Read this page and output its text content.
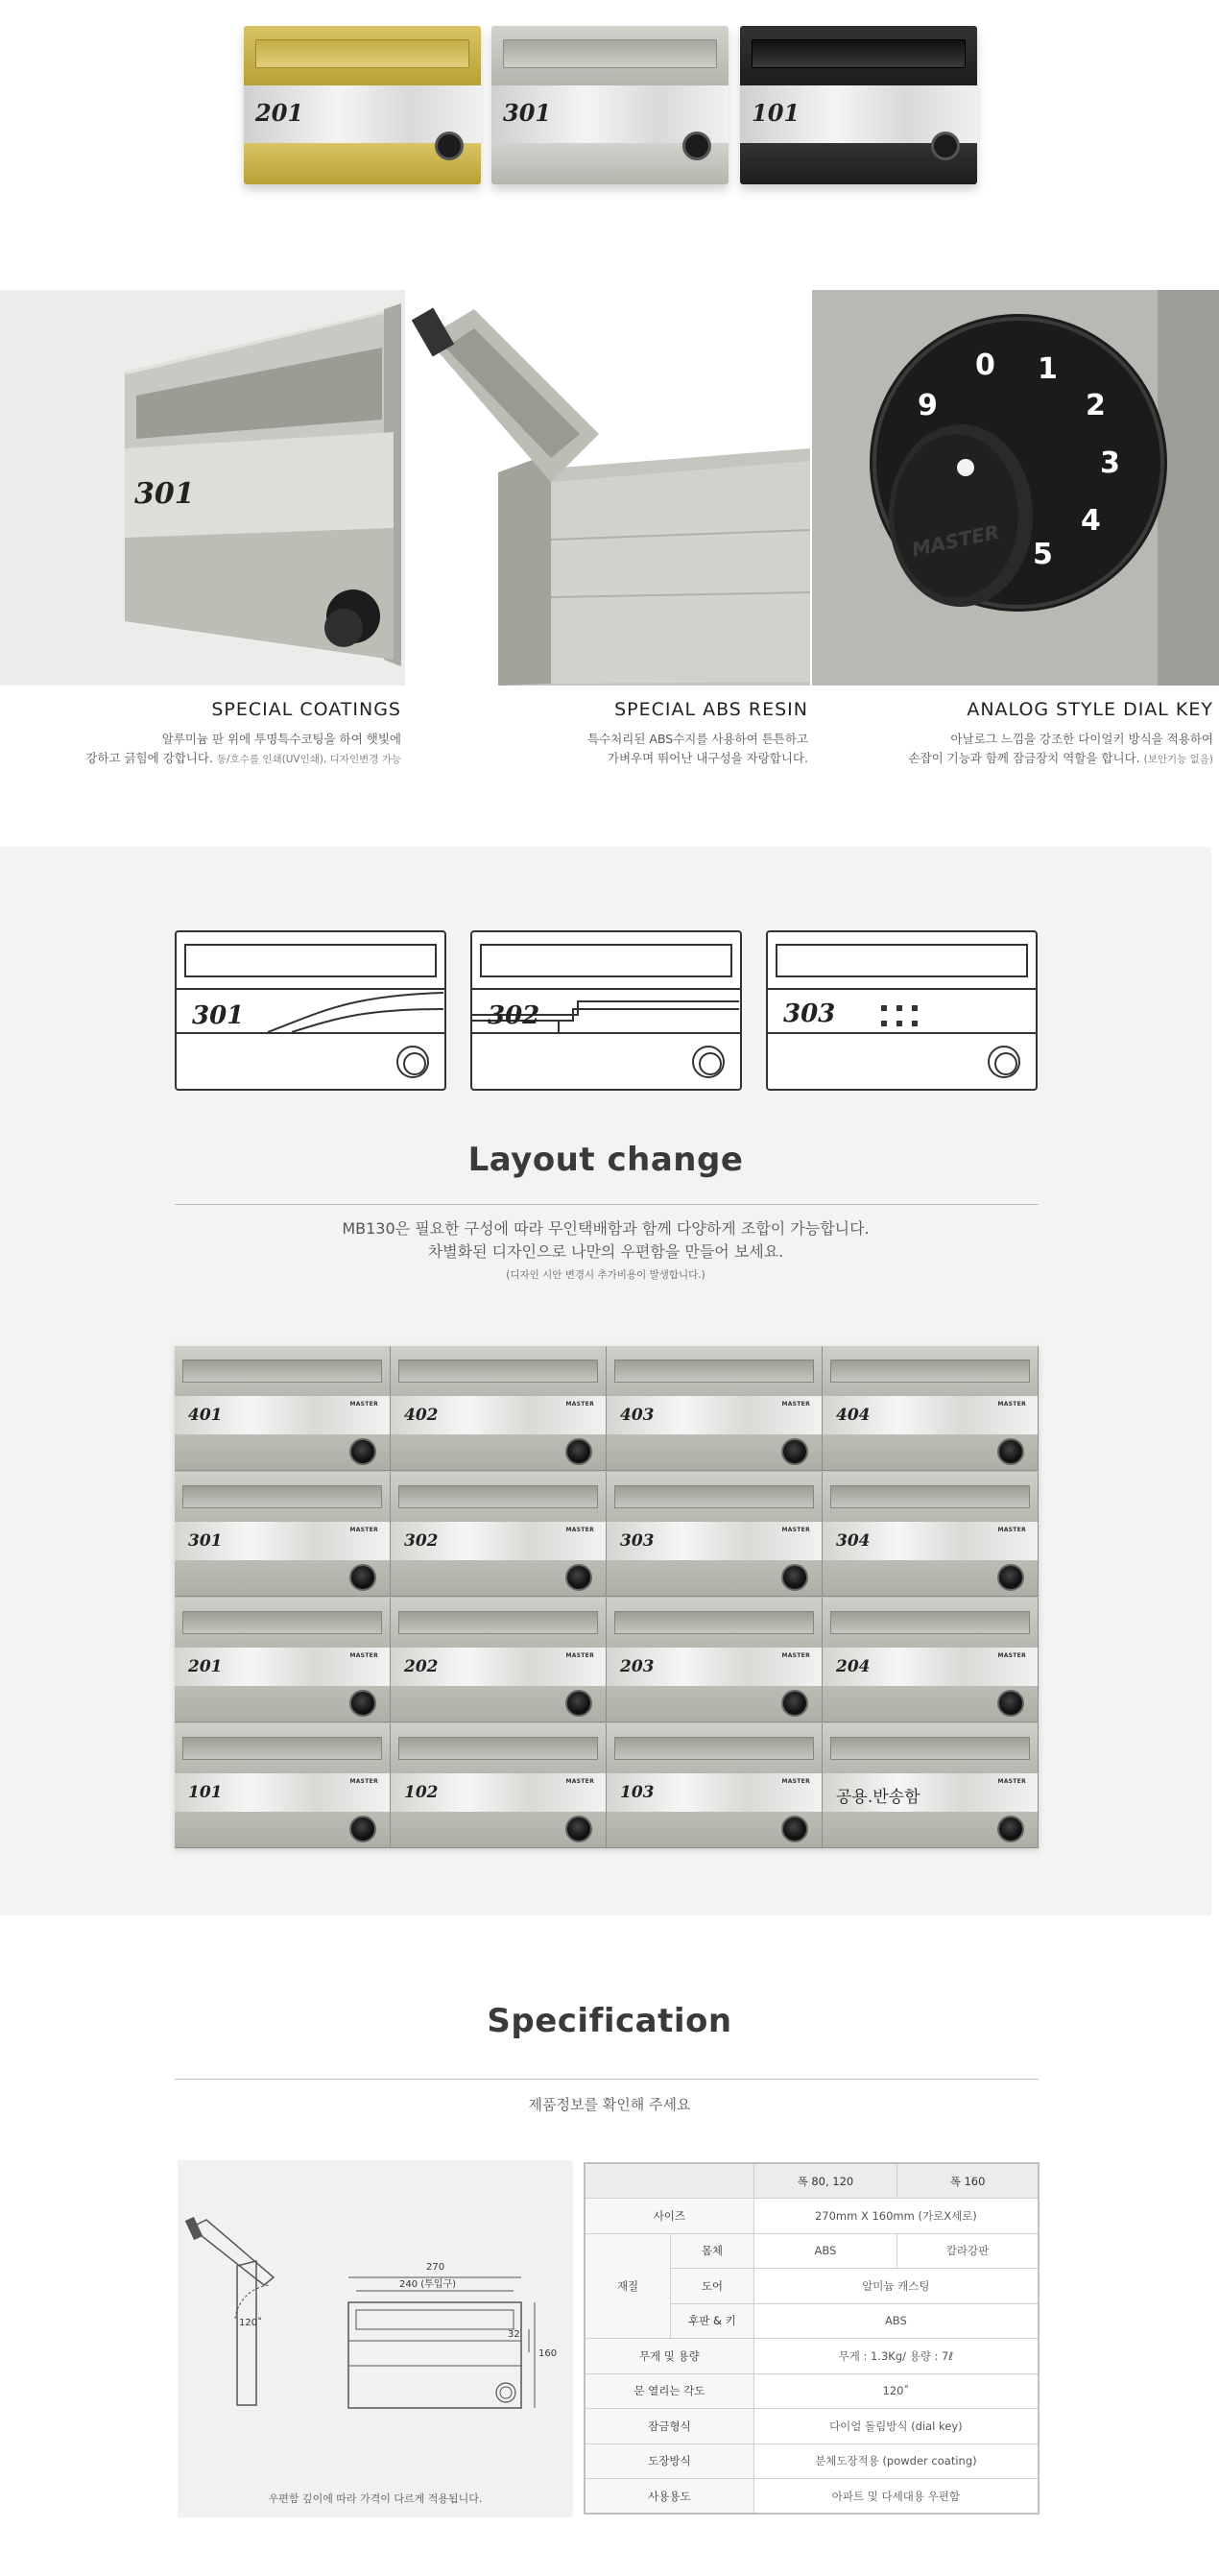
201	301	101
301
9
0 1
2
3
4
5
MASTER
SPECIAL COATINGS
알루미늄 판 위에 투명특수코팅을 하여 햇빛에
강하고 긁힘에 강합니다. 동/호수를 인쇄(UV인쇄), 디자인변경 가능
SPECIAL ABS RESIN
특수처리된 ABS수지를 사용하여 튼튼하고
가벼우며 뛰어난 내구성을 자랑합니다.
ANALOG STYLE DIAL KEY
아날로그 느낌을 강조한 다이얼키 방식을 적용하여
손잡이 기능과 함께 잠금장치 역할을 합니다. (보안기능 없음)
301	302	303
Layout change
MB130은 필요한 구성에 따라 무인택배함과 함께 다양하게 조합이 가능합니다.
차별화된 디자인으로 나만의 우편함을 만들어 보세요.
(디자인 시안 변경시 추가비용이 발생합니다.)
401
MASTER
402
MASTER
403
MASTER
404
MASTER
301
MASTER
302
MASTER
303
MASTER
304
MASTER
201
MASTER
202
MASTER
203
MASTER
204
MASTER
101
MASTER
102
MASTER
103
MASTER
공용.반송함
MASTER
Specification
제품정보를 확인해 주세요
270
240 (투입구)
120˚
160
32
우편함 깊이에 따라 가격이 다르게 적용됩니다.
		폭 80, 120	폭 160
사이즈		270mm X 160mm (가로X세로)	
재질	몸체	ABS	칼라강판
	도어	알미늄 캐스팅	
	후판 & 키	ABS	
무게 및 용량		무게 : 1.3Kg/ 용량 : 7ℓ	
문 열리는 각도		120˚	
잠금형식		다이얼 돌림방식 (dial key)	
도장방식		분체도장적용 (powder coating)	
사용용도		아파트 및 다세대용 우편함	
